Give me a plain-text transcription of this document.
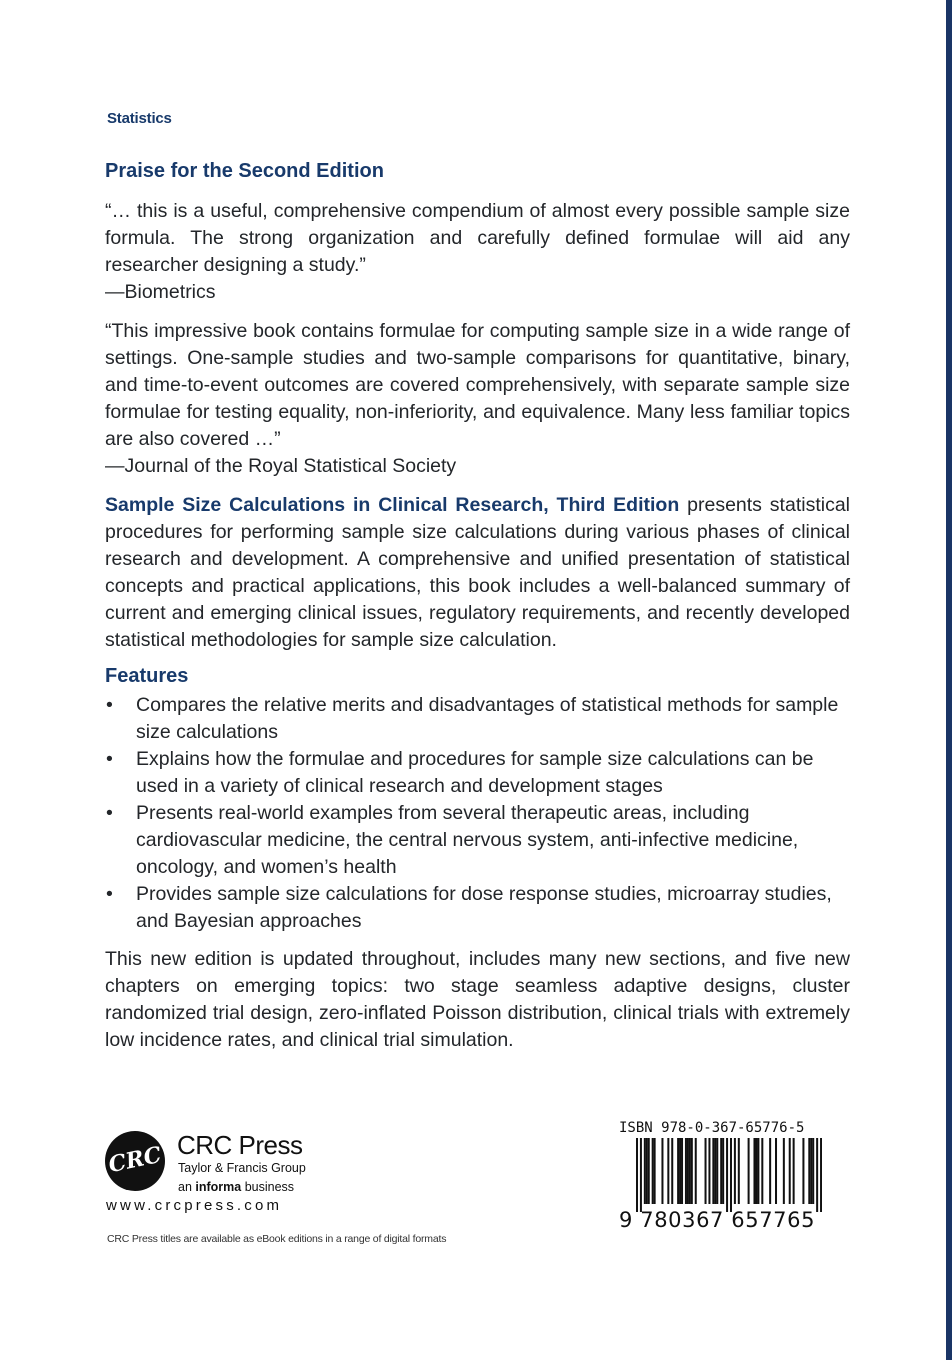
Statistics
Praise for the Second Edition
“… this is a useful, comprehensive compendium of almost every possible sample size formula. The strong organization and carefully defined formulae will aid any researcher designing a study.”
—Biometrics
“This impressive book contains formulae for computing sample size in a wide range of settings. One-sample studies and two-sample comparisons for quantitative, binary, and time-to-event outcomes are covered comprehensively, with separate sample size formulae for testing equality, non-inferiority, and equivalence. Many less familiar topics are also covered …”
—Journal of the Royal Statistical Society
Sample Size Calculations in Clinical Research, Third Edition presents statistical procedures for performing sample size calculations during various phases of clinical research and development. A comprehensive and unified presentation of statistical concepts and practical applications, this book includes a well-balanced summary of current and emerging clinical issues, regulatory requirements, and recently developed statistical methodologies for sample size calculation.
Features
• Compares the relative merits and disadvantages of statistical methods for sample size calculations
• Explains how the formulae and procedures for sample size calculations can be used in a variety of clinical research and development stages
• Presents real-world examples from several therapeutic areas, including cardiovascular medicine, the central nervous system, anti-infective medicine, oncology, and women’s health
• Provides sample size calculations for dose response studies, microarray studies, and Bayesian approaches
This new edition is updated throughout, includes many new sections, and five new chapters on emerging topics: two stage seamless adaptive designs, cluster randomized trial design, zero-inflated Poisson distribution, clinical trials with extremely low incidence rates, and clinical trial simulation.
CRC CRC Press
Taylor & Francis Group
an informa business
www.crcpress.com
CRC Press titles are available as eBook editions in a range of digital formats
ISBN 978-0-367-65776-5
9 780367 657765
